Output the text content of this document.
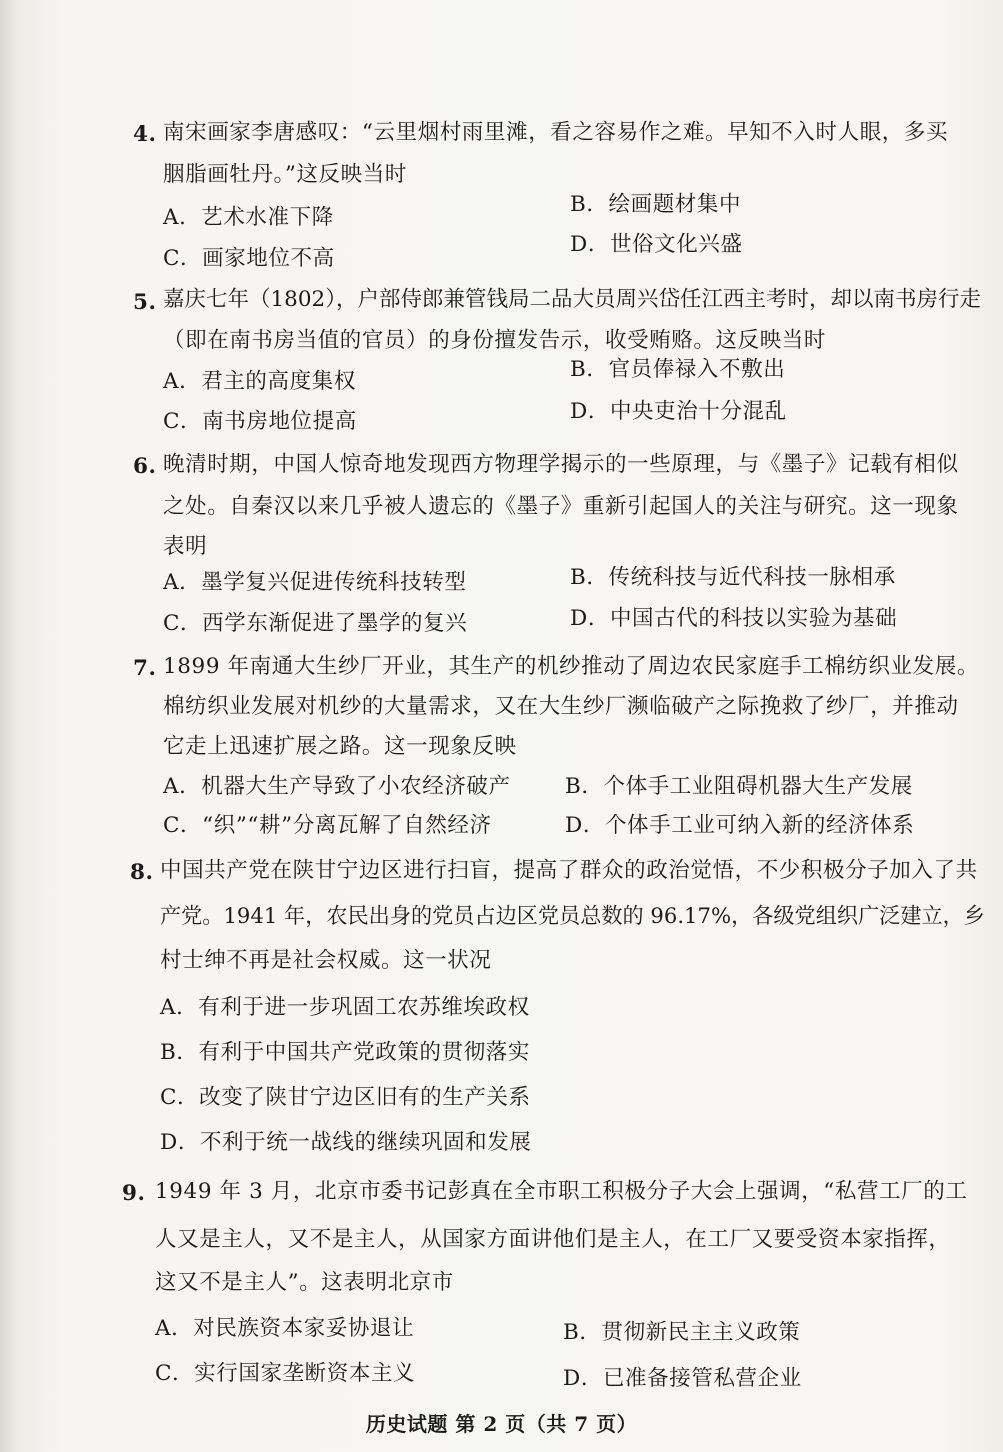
4. 南宋画家李唐感叹：“云里烟村雨里滩，看之容易作之难。早知不入时人眼，多买
胭脂画牡丹。”这反映当时
A．艺术水准下降
B．绘画题材集中
C．画家地位不高
D．世俗文化兴盛
5. 嘉庆七年（1802），户部侍郎兼管钱局二品大员周兴岱任江西主考时，却以南书房行走
（即在南书房当值的官员）的身份擅发告示，收受贿赂。这反映当时
A．君主的高度集权	B．官员俸禄入不敷出
C．南书房地位提高	D．中央吏治十分混乱
6. 晚清时期，中国人惊奇地发现西方物理学揭示的一些原理，与《墨子》记载有相似
之处。自秦汉以来几乎被人遗忘的《墨子》重新引起国人的关注与研究。这一现象
表明
A．墨学复兴促进传统科技转型	B．传统科技与近代科技一脉相承
C．西学东渐促进了墨学的复兴	D．中国古代的科技以实验为基础
7. 1899 年南通大生纱厂开业，其生产的机纱推动了周边农民家庭手工棉纺织业发展。
棉纺织业发展对机纱的大量需求，又在大生纱厂濒临破产之际挽救了纱厂，并推动
它走上迅速扩展之路。这一现象反映
A．机器大生产导致了小农经济破产	B．个体手工业阻碍机器大生产发展
C．“织”“耕”分离瓦解了自然经济	D．个体手工业可纳入新的经济体系
8. 中国共产党在陕甘宁边区进行扫盲，提高了群众的政治觉悟，不少积极分子加入了共
产党。1941 年，农民出身的党员占边区党员总数的 96.17%，各级党组织广泛建立，乡
村士绅不再是社会权威。这一状况
A．有利于进一步巩固工农苏维埃政权
B．有利于中国共产党政策的贯彻落实
C．改变了陕甘宁边区旧有的生产关系
D．不利于统一战线的继续巩固和发展
9. 1949 年 3 月，北京市委书记彭真在全市职工积极分子大会上强调，“私营工厂的工
人又是主人，又不是主人，从国家方面讲他们是主人，在工厂又要受资本家指挥，
这又不是主人”。这表明北京市
A．对民族资本家妥协退让	B．贯彻新民主主义政策
C．实行国家垄断资本主义	D．已准备接管私营企业
历史试题 第 2 页（共 7 页）
